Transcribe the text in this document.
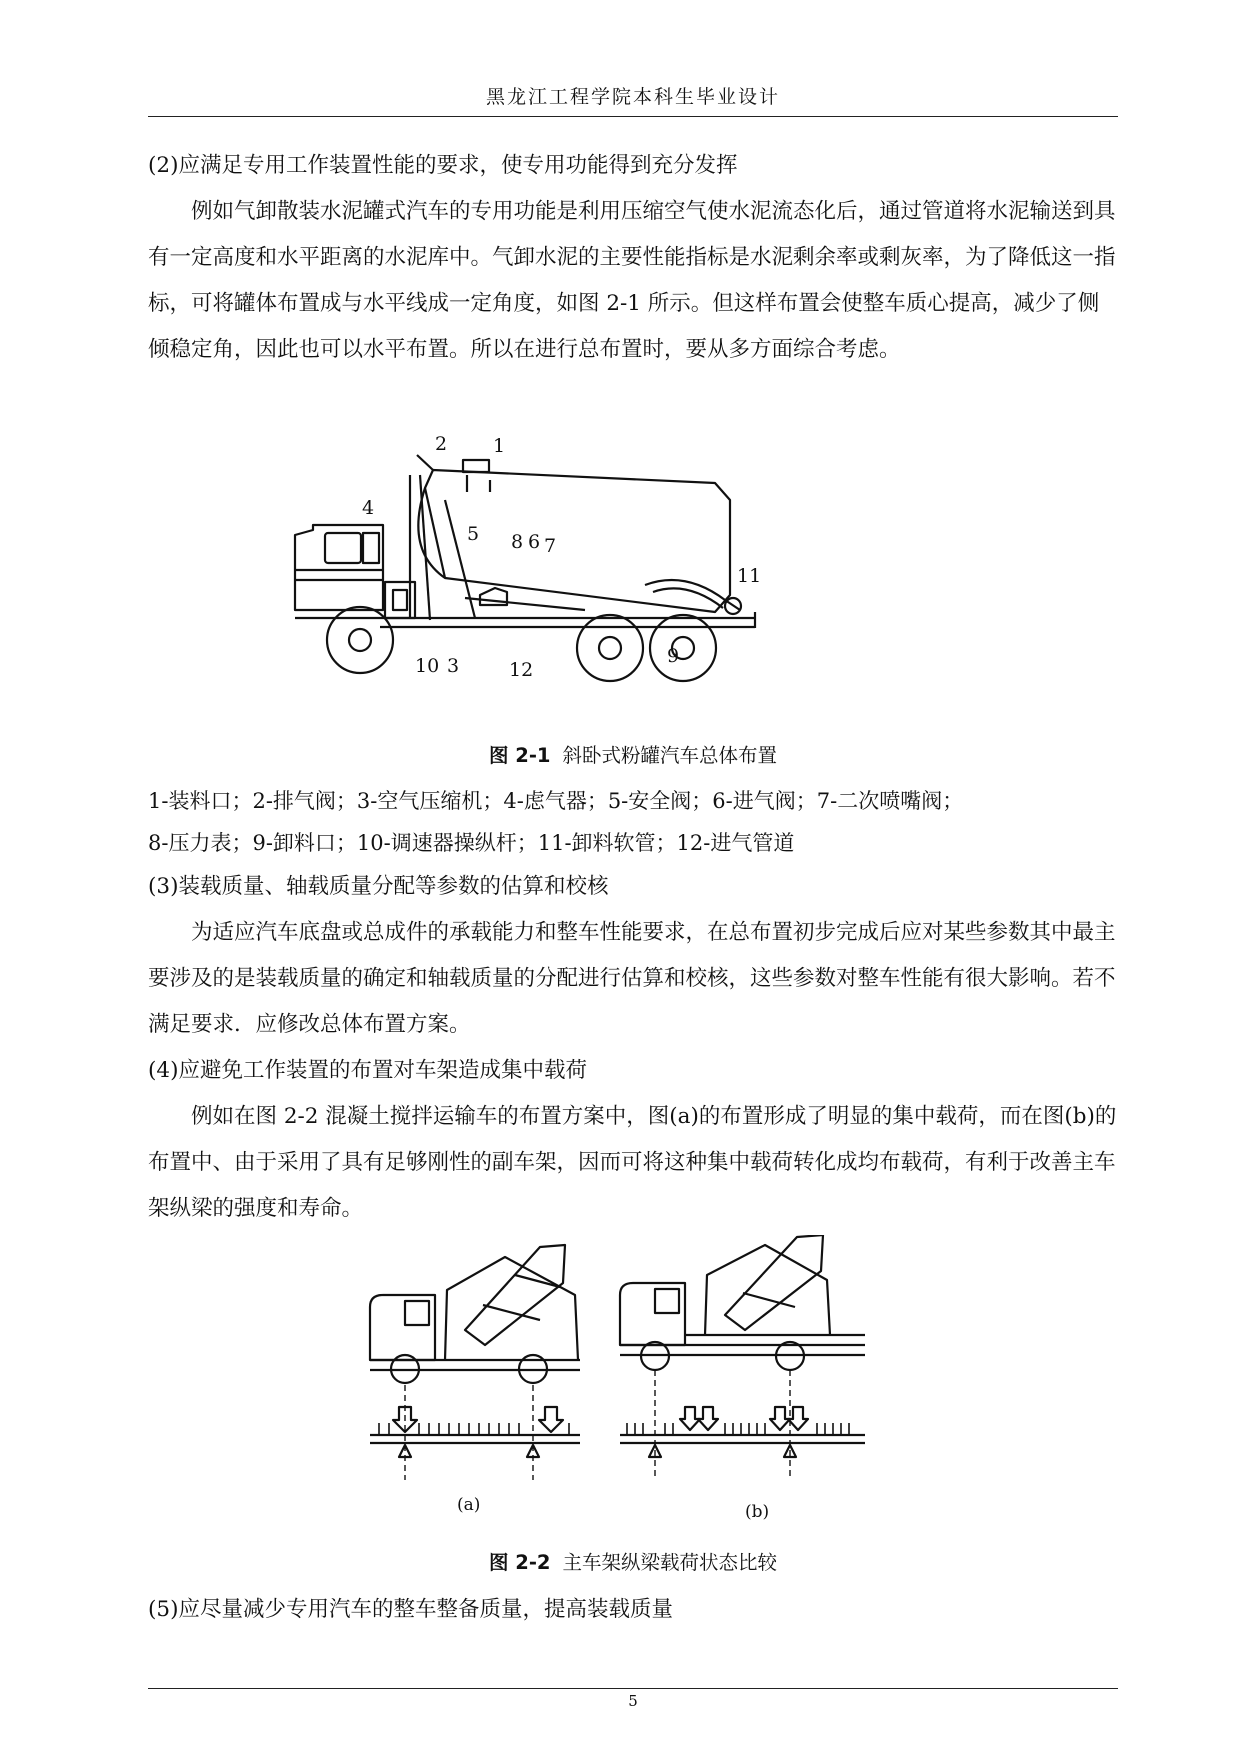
黑龙江工程学院本科生毕业设计

(2)应满足专用工作装置性能的要求，使专用功能得到充分发挥

例如气卸散装水泥罐式汽车的专用功能是利用压缩空气使水泥流态化后，通过管道将水泥输送到具有一定高度和水平距离的水泥库中。气卸水泥的主要性能指标是水泥剩余率或剩灰率，为了降低这一指标，可将罐体布置成与水平线成一定角度，如图 2-1 所示。但这样布置会使整车质心提高，减少了侧倾稳定角，因此也可以水平布置。所以在进行总布置时，要从多方面综合考虑。

2 1
4
5 8 6 7
11
10 3	12
9
图 2-1 斜卧式粉罐汽车总体布置

1-装料口；2-排气阀；3-空气压缩机；4-虑气器；5-安全阀；6-进气阀；7-二次喷嘴阀；

8-压力表；9-卸料口；10-调速器操纵杆；11-卸料软管；12-进气管道

(3)装载质量、轴载质量分配等参数的估算和校核

为适应汽车底盘或总成件的承载能力和整车性能要求，在总布置初步完成后应对某些参数其中最主要涉及的是装载质量的确定和轴载质量的分配进行估算和校核，这些参数对整车性能有很大影响。若不满足要求．应修改总体布置方案。

(4)应避免工作装置的布置对车架造成集中载荷

例如在图 2-2 混凝土搅拌运输车的布置方案中，图(a)的布置形成了明显的集中载荷，而在图(b)的布置中、由于采用了具有足够刚性的副车架，因而可将这种集中载荷转化成均布载荷，有利于改善主车架纵梁的强度和寿命。

(a)	(b)
图 2-2 主车架纵梁载荷状态比较

(5)应尽量减少专用汽车的整车整备质量，提高装载质量

5
